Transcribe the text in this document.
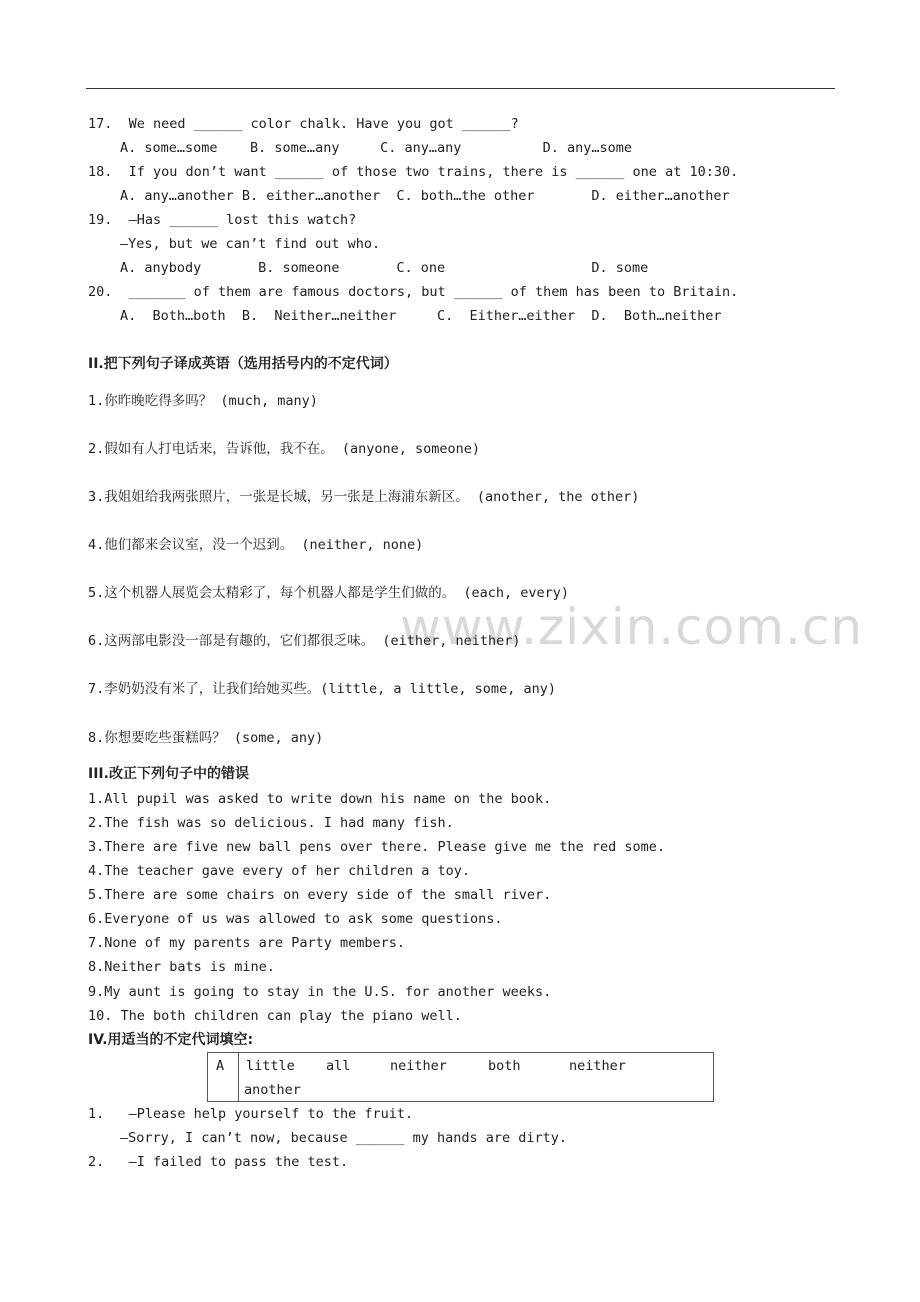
www.zixin.com.cn
17.  We need ______ color chalk. Have you got ______?
A. some…some    B. some…any     C. any…any          D. any…some
18.  If you don’t want ______ of those two trains, there is ______ one at 10:30.
A. any…another B. either…another  C. both…the other       D. either…another
19.  —Has ______ lost this watch?
—Yes, but we can’t find out who.
A. anybody       B. someone       C. one                  D. some
20.  _______ of them are famous doctors, but ______ of them has been to Britain.
A.  Both…both  B.  Neither…neither     C.  Either…either  D.  Both…neither
II.把下列句子译成英语（选用括号内的不定代词）
1.你昨晚吃得多吗？ (much, many)
2.假如有人打电话来，告诉他，我不在。 (anyone, someone)
3.我姐姐给我两张照片，一张是长城，另一张是上海浦东新区。 (another, the other)
4.他们都来会议室，没一个迟到。 (neither, none)
5.这个机器人展览会太精彩了，每个机器人都是学生们做的。 (each, every)
6.这两部电影没一部是有趣的，它们都很乏味。 (either, neither)
7.李奶奶没有米了，让我们给她买些。(little, a little, some, any)
8.你想要吃些蛋糕吗？ (some, any)
III.改正下列句子中的错误
1.All pupil was asked to write down his name on the book.
2.The fish was so delicious. I had many fish.
3.There are five new ball pens over there. Please give me the red some.
4.The teacher gave every of her children a toy.
5.There are some chairs on every side of the small river.
6.Everyone of us was allowed to ask some questions.
7.None of my parents are Party members.
8.Neither bats is mine.
9.My aunt is going to stay in the U.S. for another weeks.
10. The both children can play the piano well.
IV.用适当的不定代词填空:
A little all	neither	both	neither
another
1.   —Please help yourself to the fruit.
—Sorry, I can’t now, because ______ my hands are dirty.
2.   —I failed to pass the test.
